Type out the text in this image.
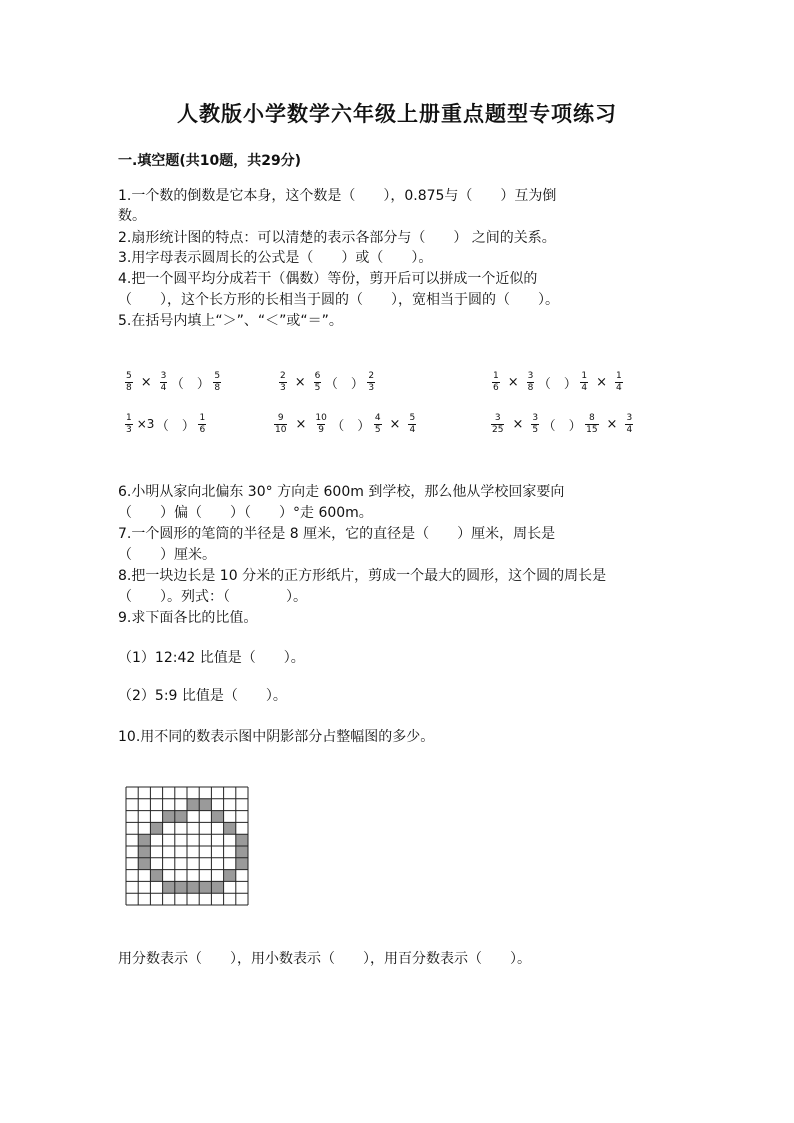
人教版小学数学六年级上册重点题型专项练习
一.填空题(共10题，共29分)
1.一个数的倒数是它本身，这个数是（　　），0.875与（　　）互为倒
数。
2.扇形统计图的特点：可以清楚的表示各部分与（　　） 之间的关系。
3.用字母表示圆周长的公式是（　　）或（　　）。
4.把一个圆平均分成若干（偶数）等份，剪开后可以拼成一个近似的
（　　），这个长方形的长相当于圆的（　　），宽相当于圆的（　　）。
5.在括号内填上“＞”、“＜”或“＝”。
$\frac{5}{8} \times \frac{3}{4}$ （　） $\frac{5}{8}$	$\frac{2}{3} \times \frac{6}{5}$ （　） $\frac{2}{3}$	$\frac{1}{6} \times \frac{3}{8}$ （　） $\frac{1}{4} \times \frac{1}{4}$
$\frac{1}{3} \times 3$ （　） $\frac{1}{6}$	$\frac{9}{10} \times \frac{10}{9}$ （　） $\frac{4}{5} \times \frac{5}{4}$	$\frac{3}{25} \times \frac{3}{5}$ （　） $\frac{8}{15} \times \frac{3}{4}$
6.小明从家向北偏东 30° 方向走 600m 到学校，那么他从学校回家要向
（　　）偏（　　）（　　）°走 600m。
7.一个圆形的笔筒的半径是 8 厘米，它的直径是（　　）厘米，周长是
（　　）厘米。
8.把一块边长是 10 分米的正方形纸片，剪成一个最大的圆形，这个圆的周长是
（　　）。列式：（　　　　）。
9.求下面各比的比值。
（1）12:42 比值是（　　）。
（2）5:9 比值是（　　）。
10.用不同的数表示图中阴影部分占整幅图的多少。
用分数表示（　　），用小数表示（　　），用百分数表示（　　）。
